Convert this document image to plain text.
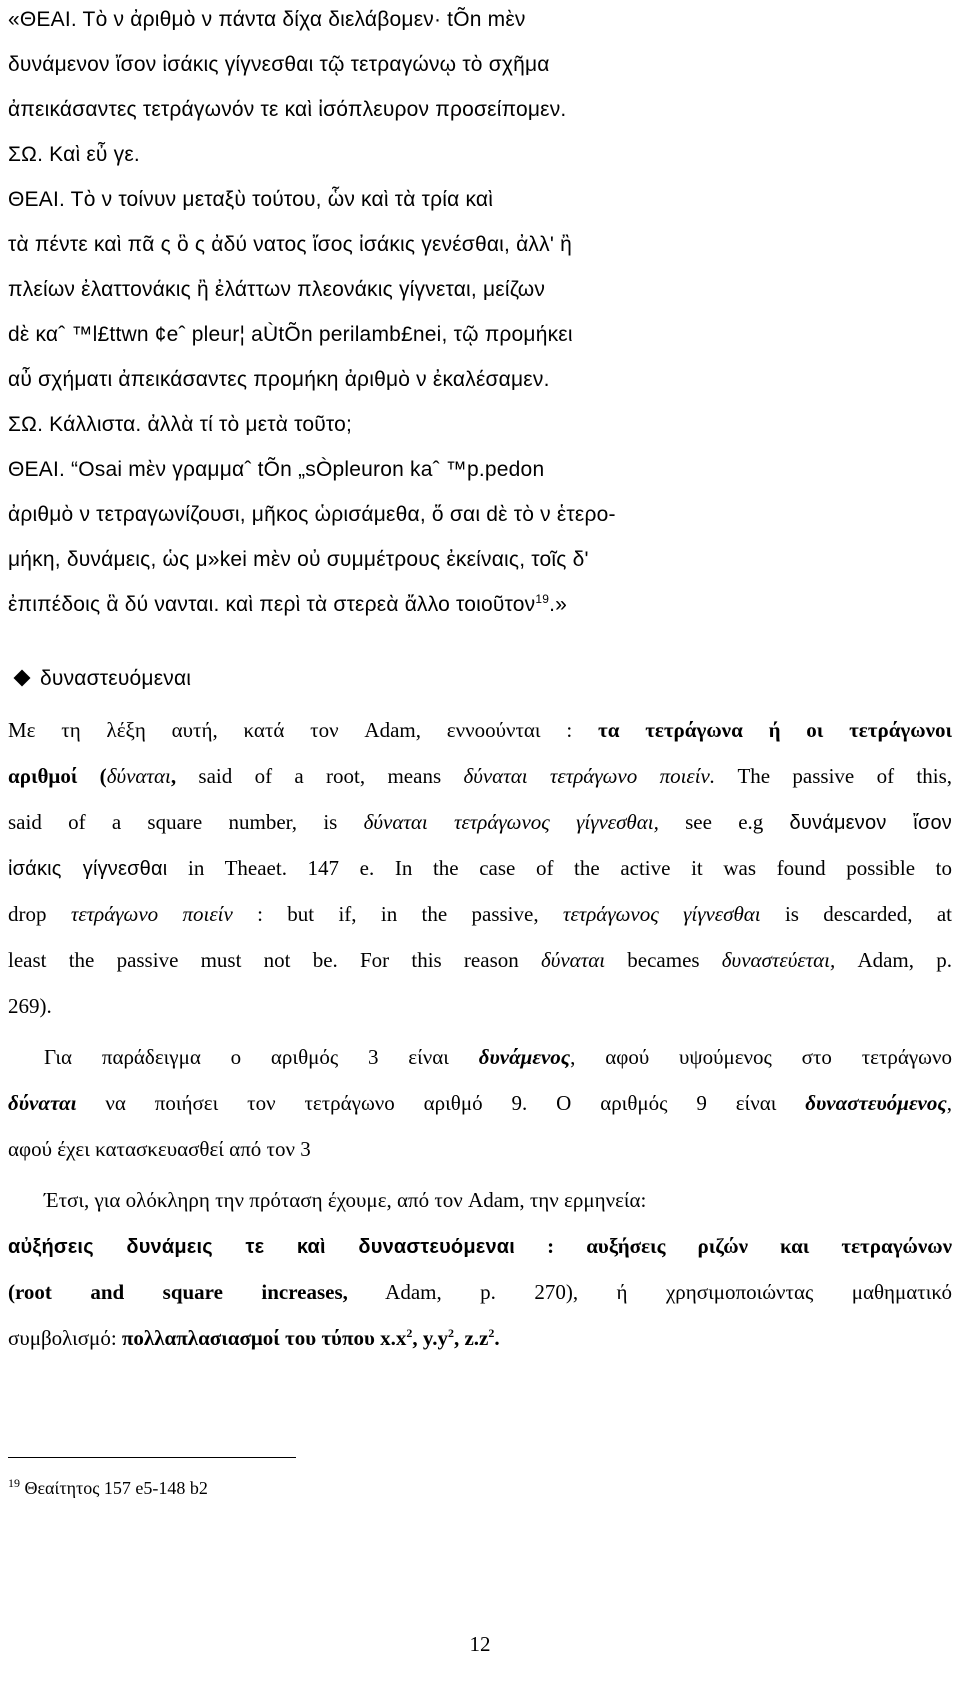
«ΘΕΑΙ. Τὸ ν ἀριθμὸ ν πάντα δίχα διελάβομεν· tÕn mὲν
δυνάμενον ἴσον ἰσάκις γίγνεσθαι τῷ τετραγώνῳ τὸ σχῆμα
ἀπεικάσαντες τετράγωνόν τε καὶ ἰσόπλευρον προσείπομεν.
ΣΩ. Καὶ εὖ γε.
ΘΕΑΙ. Τὸ ν τοίνυν μεταξὺ τούτου, ὧν καὶ τὰ τρία καὶ
τὰ πέντε καὶ πᾶ ς ὃ ς ἀδύ νατος ἴσος ἰσάκις γενέσθαι, ἀλλ' ἢ
πλείων ἐλαττονάκις ἢ ἐλάττων πλεονάκις γίγνεται, μείζων
dὲ καˆ ™l£ttwn ¢eˆ pleur¦ aÙtÕn perilamb£nei, τῷ προμήκει
αὖ σχήματι ἀπεικάσαντες προμήκη ἀριθμὸ ν ἐκαλέσαμεν.
ΣΩ. Κάλλιστα. ἀλλὰ τί τὸ μετὰ τοῦτο;
ΘΕΑΙ. “Osai mὲν γραμμαˆ tÕn „sÒpleuron kaˆ ™p.pedon
ἀριθμὸ ν τετραγωνίζουσι, μῆκος ὡρισάμεθα, ὅ σαι dὲ τὸ ν ἑτερο-
μήκη, δυνάμεις, ὡς μ»kei mὲν οὐ συμμέτρους ἐκείναις, τοῖς δ'
ἐπιπέδοις ἃ δύ νανται. καὶ περὶ τὰ στερεὰ ἄλλο τοιοῦτον$^{19}$.»
δυναστευόμεναι
Με τη λέξη αυτή, κατά τον Adam, εννοούνται : τα τετράγωνα ή οι τετράγωνοι
αριθμοί (δύναται, said of a root, means δύναται τετράγωνο ποιείν. The passive of this,
said of a square number, is δύναται τετράγωνος γίγνεσθαι, see e.g δυνάμενον ἴσον
ἰσάκις γίγνεσθαι in Theaet. 147 e. In the case of the active it was found possible to
drop τετράγωνο ποιείν : but if, in the passive, τετράγωνος γίγνεσθαι is descarded, at
least the passive must not be. For this reason δύναται becames δυναστεύεται, Adam, p.
269).
Για παράδειγμα ο αριθμός 3 είναι δυνάμενος, αφού υψούμενος στο τετράγωνο
δύναται να ποιήσει τον τετράγωνο αριθμό 9. Ο αριθμός 9 είναι δυναστευόμενος,
αφού έχει κατασκευασθεί από τον 3
Έτσι, για ολόκληρη την πρόταση έχουμε, από τον Adam, την ερμηνεία:
αὐξήσεις δυνάμεις τε καὶ δυναστευόμεναι : αυξήσεις ριζών και τετραγώνων
(root and square increases, Adam, p. 270), ή χρησιμοποιώντας μαθηματικό
συμβολισμό: πολλαπλασιασμοί του τύπου $x.x^2$, $y.y^2$, $z.z^2$.
$^{19}$ Θεαίτητος 157 e5-148 b2
12
